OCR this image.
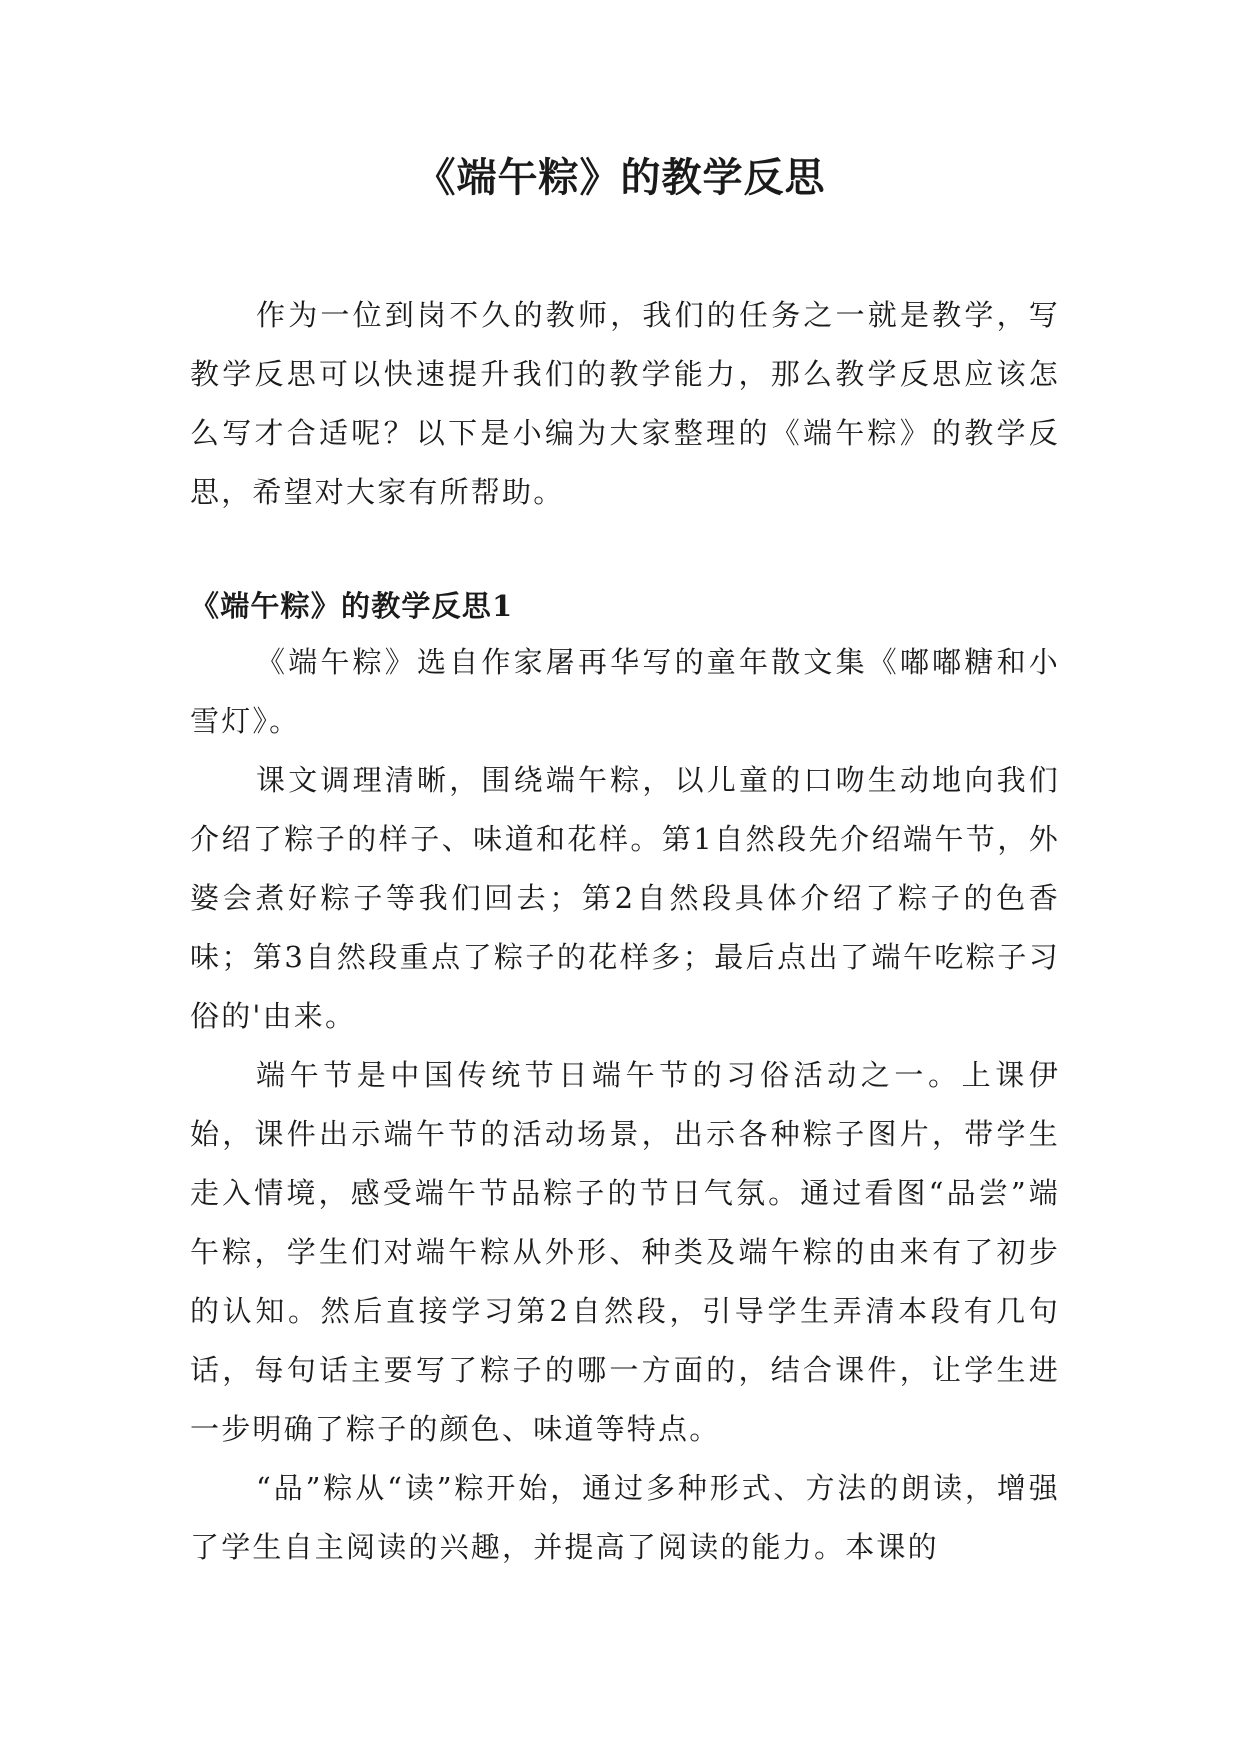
《端午粽》的教学反思

作为一位到岗不久的教师，我们的任务之一就是教学，写教学反思可以快速提升我们的教学能力，那么教学反思应该怎么写才合适呢？以下是小编为大家整理的《端午粽》的教学反思，希望对大家有所帮助。

《端午粽》的教学反思1

《端午粽》选自作家屠再华写的童年散文集《嘟嘟糖和小雪灯》。

课文调理清晰，围绕端午粽，以儿童的口吻生动地向我们介绍了粽子的样子、味道和花样。第1自然段先介绍端午节，外婆会煮好粽子等我们回去；第2自然段具体介绍了粽子的色香味；第3自然段重点了粽子的花样多；最后点出了端午吃粽子习俗的'由来。

端午节是中国传统节日端午节的习俗活动之一。上课伊始，课件出示端午节的活动场景，出示各种粽子图片，带学生走入情境，感受端午节品粽子的节日气氛。通过看图“品尝”端午粽，学生们对端午粽从外形、种类及端午粽的由来有了初步的认知。然后直接学习第2自然段，引导学生弄清本段有几句话，每句话主要写了粽子的哪一方面的，结合课件，让学生进一步明确了粽子的颜色、味道等特点。

“品”粽从“读”粽开始，通过多种形式、方法的朗读，增强了学生自主阅读的兴趣，并提高了阅读的能力。本课的
